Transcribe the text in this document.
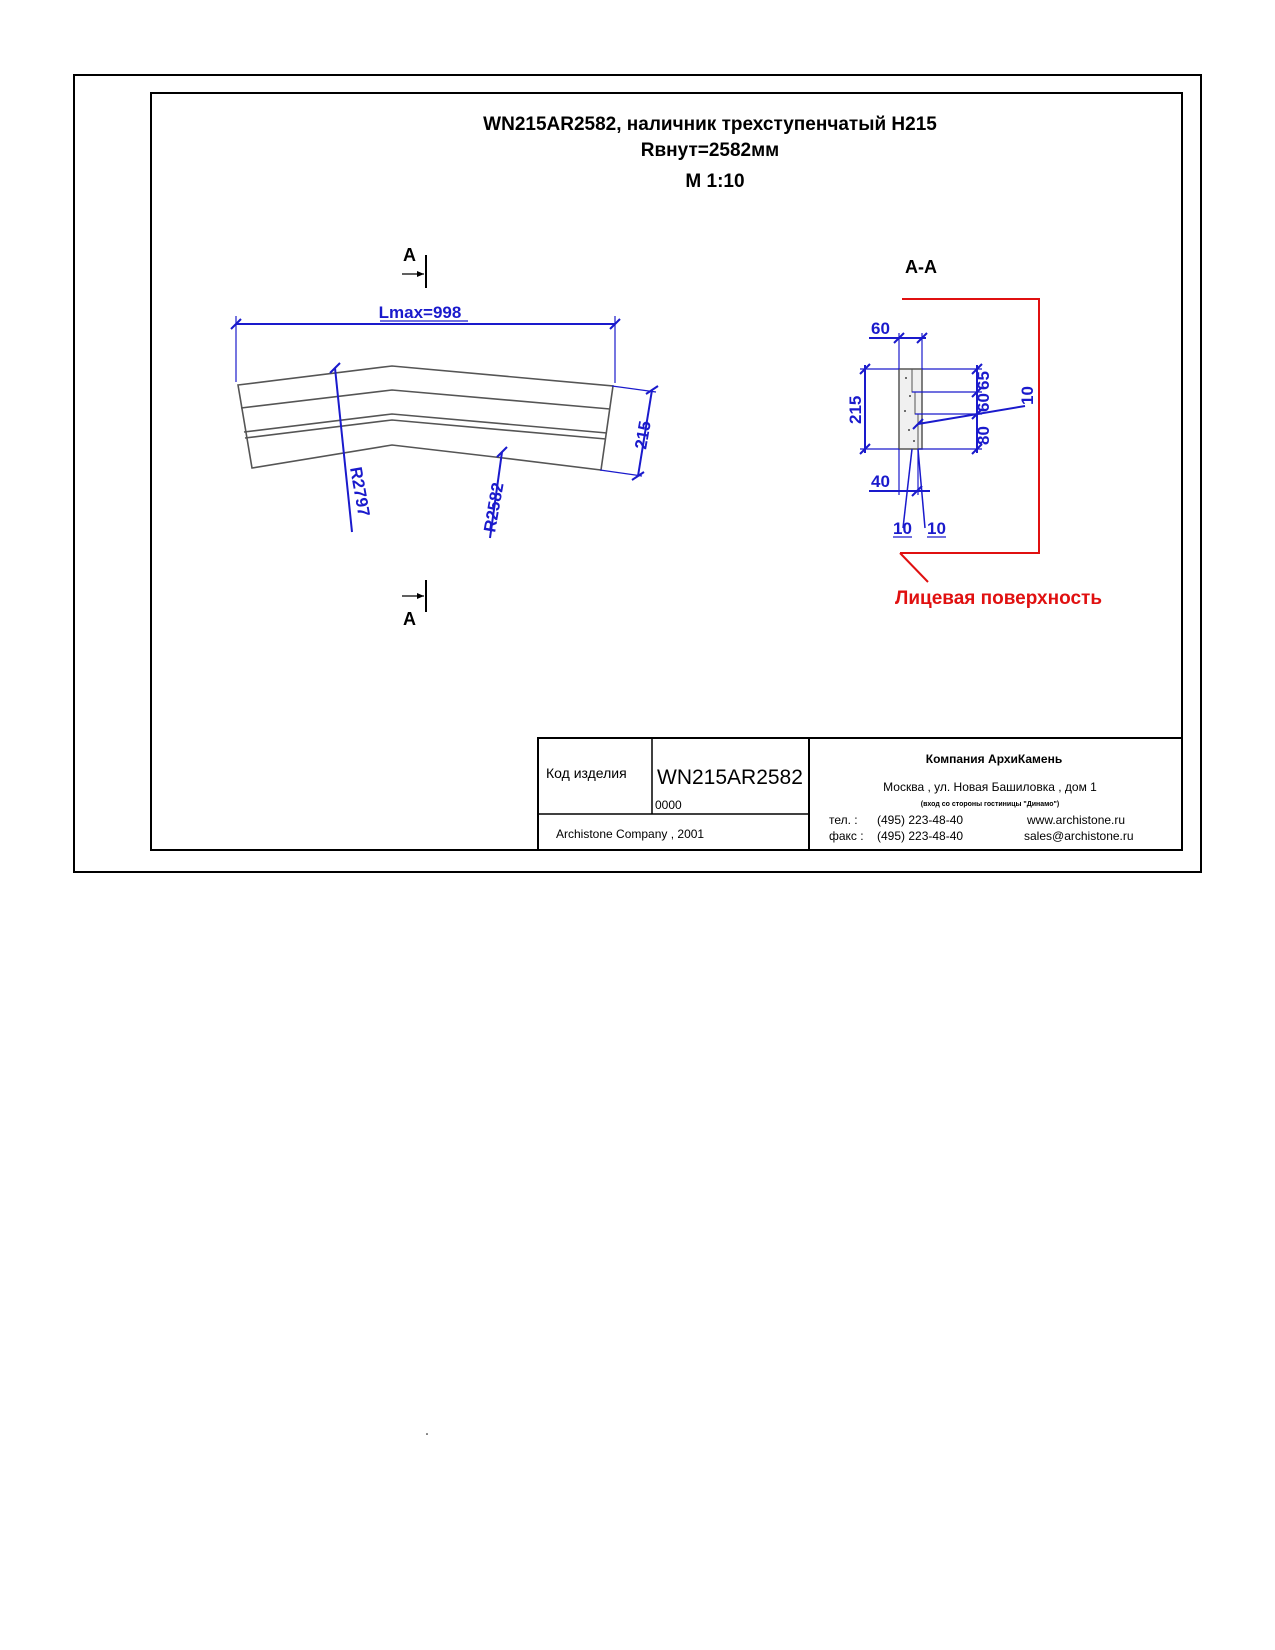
WN215AR2582, наличник трехступенчатый H215
Rвнут=2582мм
M 1:10
A
A
Lmax=998
215
R2797	R2582
A-A
Лицевая поверхность
60
215
65
60
80
10
40
10 10
Код изделия WN215AR2582
0000
Archistone Company , 2001
Компания АрхиКамень
Москва , ул. Новая Башиловка , дом 1
(вход со стороны гостиницы "Динамо")
тел. : (495) 223-48-40
факс : (495) 223-48-40
www.archistone.ru
sales@archistone.ru
